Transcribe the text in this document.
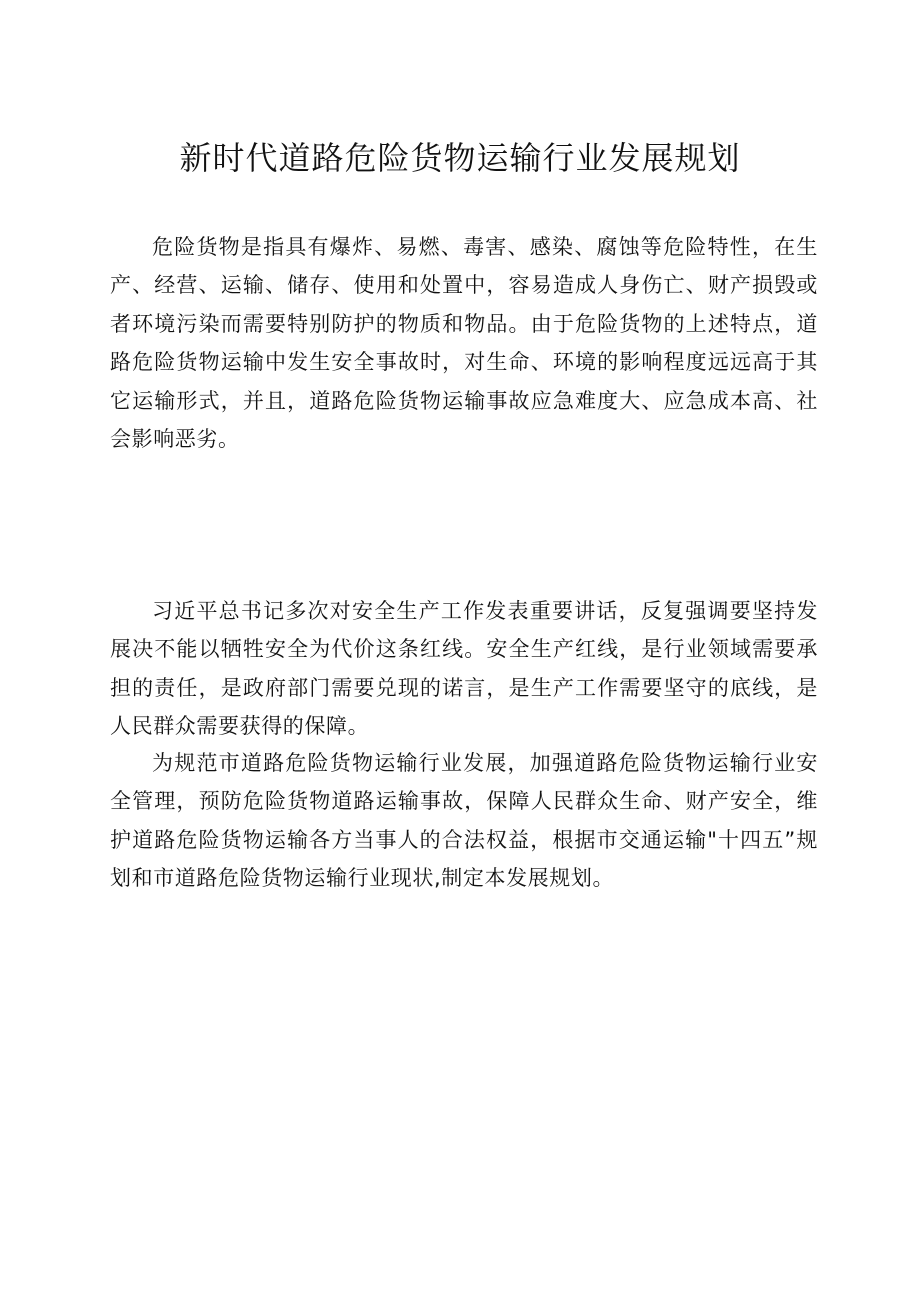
新时代道路危险货物运输行业发展规划

危险货物是指具有爆炸、易燃、毒害、感染、腐蚀等危险特性，在生产、经营、运输、储存、使用和处置中，容易造成人身伤亡、财产损毁或者环境污染而需要特别防护的物质和物品。由于危险货物的上述特点，道路危险货物运输中发生安全事故时，对生命、环境的影响程度远远高于其它运输形式，并且，道路危险货物运输事故应急难度大、应急成本高、社会影响恶劣。

习近平总书记多次对安全生产工作发表重要讲话，反复强调要坚持发展决不能以牺牲安全为代价这条红线。安全生产红线，是行业领域需要承担的责任，是政府部门需要兑现的诺言，是生产工作需要坚守的底线，是人民群众需要获得的保障。

为规范市道路危险货物运输行业发展，加强道路危险货物运输行业安全管理，预防危险货物道路运输事故，保障人民群众生命、财产安全，维护道路危险货物运输各方当事人的合法权益，根据市交通运输"十四五”规划和市道路危险货物运输行业现状,制定本发展规划。
